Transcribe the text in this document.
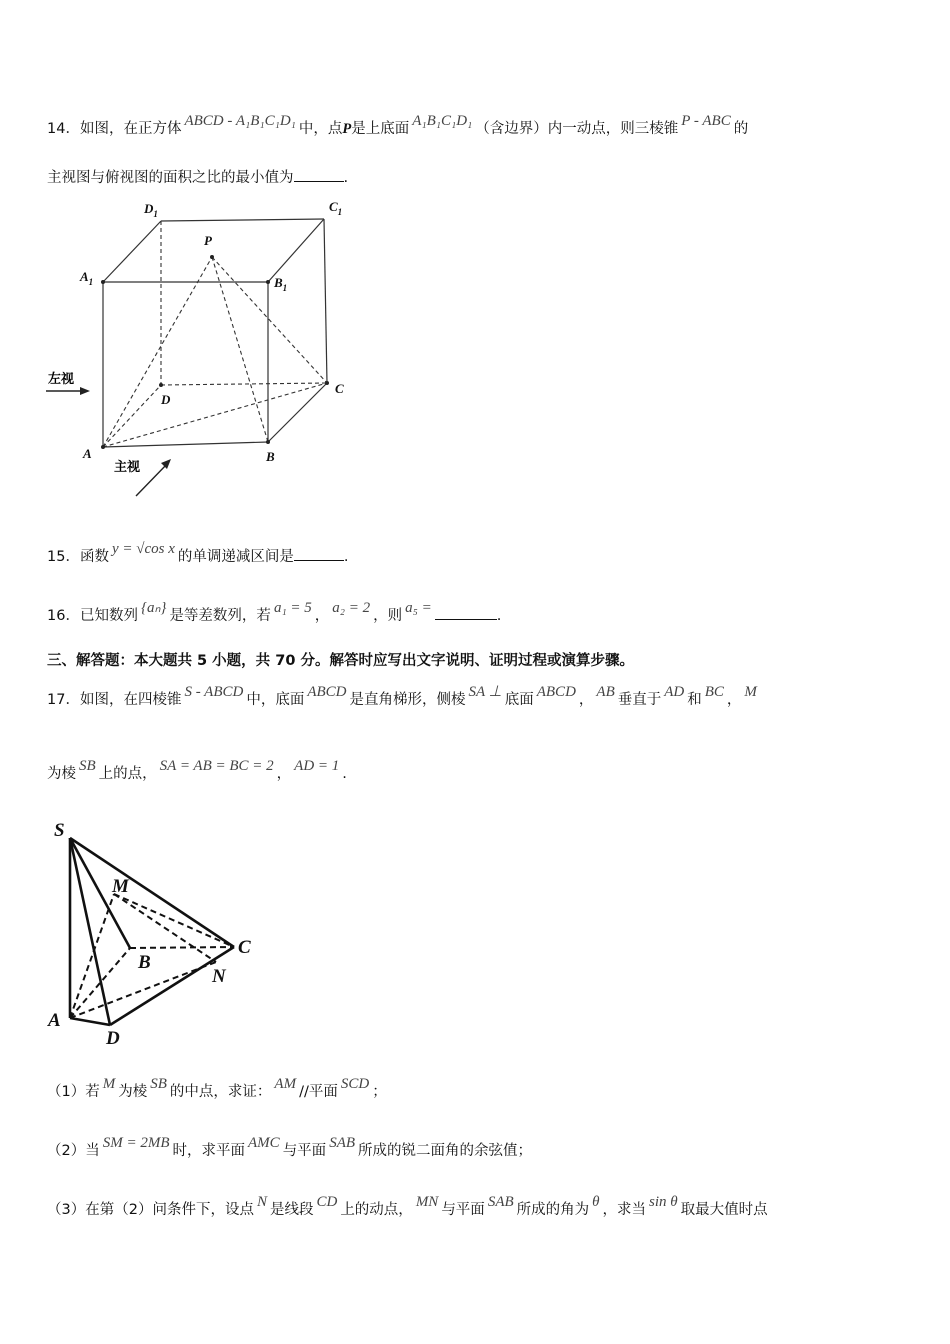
14．如图，在正方体 ABCD - A₁B₁C₁D₁ 中，点P是上底面 A₁B₁C₁D₁ （含边界）内一动点，则三棱锥 P - ABC 的
主视图与俯视图的面积之比的最小值为	.
$D_1$	$C_1$
$A_1$	$B_1$
P
D
C
A	B
左视
主视
15．函数 y = √cos x 的单调递减区间是	.
16．已知数列 {aₙ} 是等差数列，若 a₁ = 5 ， a₂ = 2 ，则 a₅ =	.
三、解答题：本大题共 5 小题，共 70 分。解答时应写出文字说明、证明过程或演算步骤。
17．如图，在四棱锥 S - ABCD 中，底面 ABCD 是直角梯形，侧棱 SA ⊥ 底面 ABCD ， AB 垂直于 AD 和 BC ， M
为棱 SB 上的点， SA = AB = BC = 2 ， AD = 1 .
S
M
B
C
N
A
D
（1）若 M 为棱 SB 的中点，求证： AM //平面 SCD ；
（2）当 SM = 2MB 时，求平面 AMC 与平面 SAB 所成的锐二面角的余弦值；
（3）在第（2）问条件下，设点 N 是线段 CD 上的动点， MN 与平面 SAB 所成的角为 θ ，求当 sin θ 取最大值时点
